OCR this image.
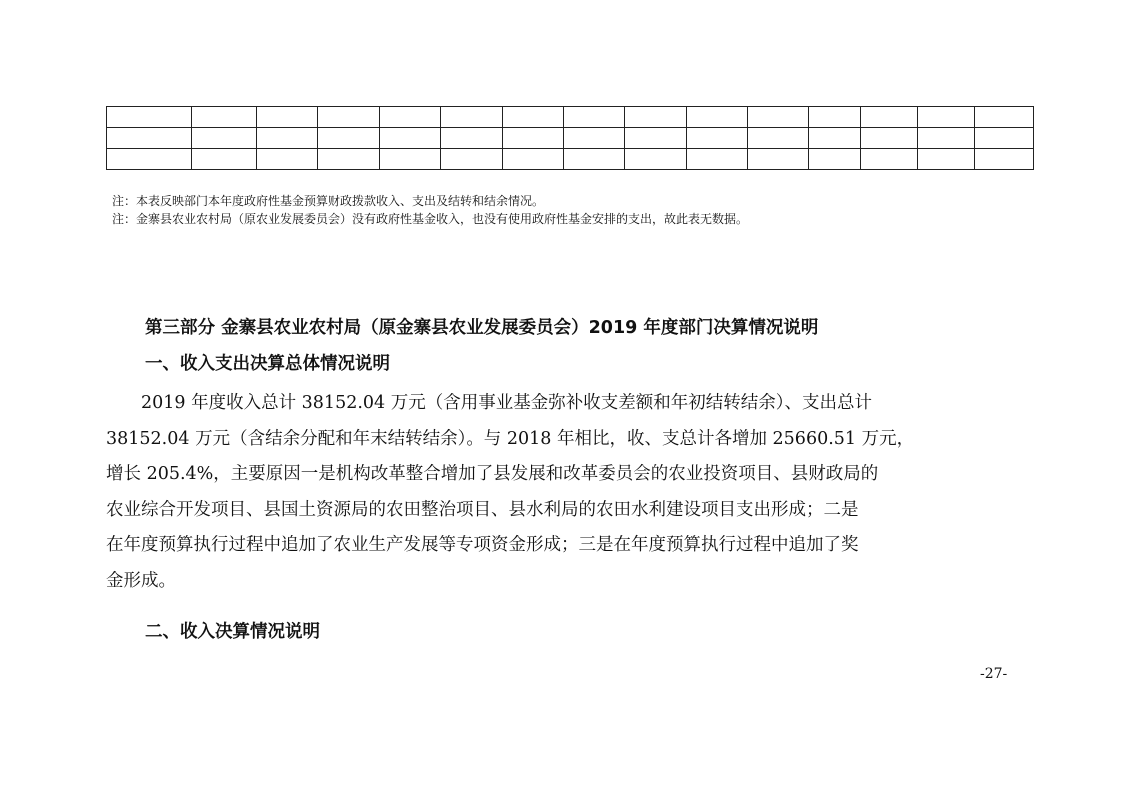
注：本表反映部门本年度政府性基金预算财政拨款收入、支出及结转和结余情况。
注：金寨县农业农村局（原农业发展委员会）没有政府性基金收入，也没有使用政府性基金安排的支出，故此表无数据。
第三部分 金寨县农业农村局（原金寨县农业发展委员会）2019 年度部门决算情况说明
一、收入支出决算总体情况说明
　　2019 年度收入总计 38152.04 万元（含用事业基金弥补收支差额和年初结转结余）、支出总计
38152.04 万元（含结余分配和年末结转结余）。与 2018 年相比，收、支总计各增加 25660.51 万元，
增长 205.4%，主要原因一是机构改革整合增加了县发展和改革委员会的农业投资项目、县财政局的
农业综合开发项目、县国土资源局的农田整治项目、县水利局的农田水利建设项目支出形成；二是
在年度预算执行过程中追加了农业生产发展等专项资金形成；三是在年度预算执行过程中追加了奖
金形成。
二、收入决算情况说明
-27-
